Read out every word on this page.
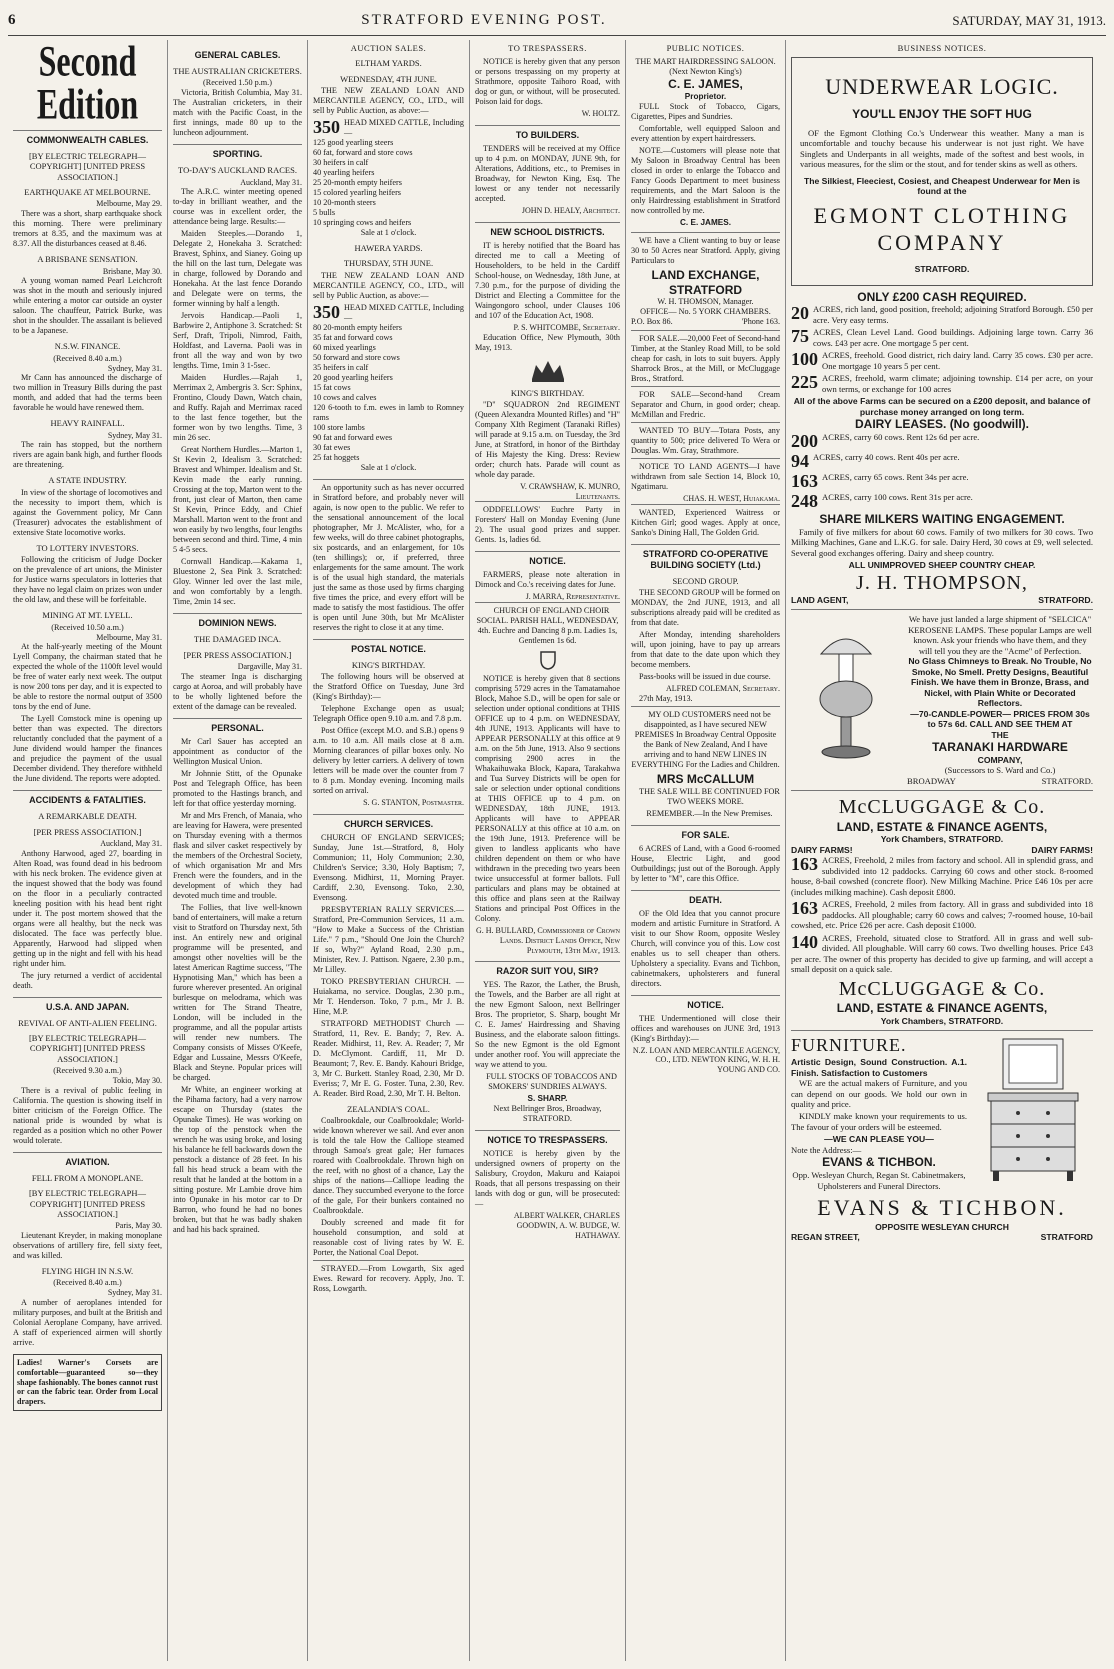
6	STRATFORD EVENING POST.	SATURDAY, MAY 31, 1913.
Second Edition
COMMONWEALTH CABLES.
[BY ELECTRIC TELEGRAPH—COPYRIGHT] [UNITED PRESS ASSOCIATION.]
EARTHQUAKE AT MELBOURNE.
Melbourne, May 29.

There was a short, sharp earthquake shock this morning. There were preliminary tremors at 8.35, and the maximum was at 8.37. All the disturbances ceased at 8.46.

A BRISBANE SENSATION.
Brisbane, May 30.

A young woman named Pearl Leichcroft was shot in the mouth and seriously injured while entering a motor car outside an oyster saloon. The chauffeur, Patrick Burke, was shot in the shoulder. The assailant is believed to be a Japanese.

N.S.W. FINANCE.
(Received 8.40 a.m.)
Sydney, May 31.

Mr Cann has announced the discharge of two million in Treasury Bills during the past month, and added that had the terms been favorable he would have renewed them.

HEAVY RAINFALL.
Sydney, May 31.

The rain has stopped, but the northern rivers are again bank high, and further floods are threatening.

A STATE INDUSTRY.

In view of the shortage of locomotives and the necessity to import them, which is against the Government policy, Mr Cann (Treasurer) advocates the establishment of extensive State locomotive works.

TO LOTTERY INVESTORS.

Following the criticism of Judge Docker on the prevalence of art unions, the Minister for Justice warns speculators in lotteries that they have no legal claim on prizes won under the old law, and these will be forfeitable.

MINING AT MT. LYELL.
(Received 10.50 a.m.)
Melbourne, May 31.

At the half-yearly meeting of the Mount Lyell Company, the chairman stated that he expected the whole of the 1100ft level would be free of water early next week. The output is now 200 tons per day, and it is expected to be able to restore the normal output of 3500 tons by the end of June.

The Lyell Comstock mine is opening up better than was expected. The directors reluctantly concluded that the payment of a June dividend would hamper the finances and prejudice the payment of the usual December dividend. They therefore withheld the June dividend. The reports were adopted.

ACCIDENTS & FATALITIES.
A REMARKABLE DEATH.
[PER PRESS ASSOCIATION.]
Auckland, May 31.

Anthony Harwood, aged 27, boarding in Alten Road, was found dead in his bedroom with his neck broken. The evidence given at the inquest showed that the body was found on the floor in a peculiarly contracted kneeling position with his head bent right under it. The post mortem showed that the organs were all healthy, but the neck was dislocated. The face was perfectly blue. Apparently, Harwood had slipped when getting up in the night and fell with his head right under him.

The jury returned a verdict of accidental death.

U.S.A. AND JAPAN.
REVIVAL OF ANTI-ALIEN FEELING.
[BY ELECTRIC TELEGRAPH—COPYRIGHT] [UNITED PRESS ASSOCIATION.]
(Received 9.30 a.m.)
Tokio, May 30.

There is a revival of public feeling in California. The question is showing itself in bitter criticism of the Foreign Office. The national pride is wounded by what is regarded as a position which no other Power would tolerate.

AVIATION.
FELL FROM A MONOPLANE.
[BY ELECTRIC TELEGRAPH—COPYRIGHT] [UNITED PRESS ASSOCIATION.]
Paris, May 30.

Lieutenant Kreyder, in making monoplane observations of artillery fire, fell sixty feet, and was killed.

FLYING HIGH IN N.S.W.
(Received 8.40 a.m.)
Sydney, May 31.

A number of aeroplanes intended for military purposes, and built at the British and Colonial Aeroplane Company, have arrived. A staff of experienced airmen will shortly arrive.

Ladies! Warner's Corsets are comfortable—guaranteed so—they shape fashionably. The bones cannot rust or can the fabric tear. Order from Local drapers.
GENERAL CABLES.
THE AUSTRALIAN CRICKETERS.
(Received 1.50 p.m.)

Victoria, British Columbia, May 31. The Australian cricketers, in their match with the Pacific Coast, in the first innings, made 80 up to the luncheon adjournment.

SPORTING.
TO-DAY'S AUCKLAND RACES.
Auckland, May 31.

The A.R.C. winter meeting opened to-day in brilliant weather, and the course was in excellent order, the attendance being large. Results:—

Maiden Steeples.—Dorando 1, Delegate 2, Honekaha 3. Scratched: Bravest, Sphinx, and Sianey. Going up the hill on the last turn, Delegate was in charge, followed by Dorando and Honekaha. At the last fence Dorando and Delegate were on terms, the former winning by half a length.

Jervois Handicap.—Paoli 1, Barbwire 2, Antiphone 3. Scratched: St Serf, Draft, Tripoli, Nimrod, Faith, Holdfast, and Laverna. Paoli was in front all the way and won by two lengths. Time, 1min 3 1-5sec.

Maiden Hurdles.—Rajah 1, Merrimax 2, Ambergris 3. Scr: Sphinx, Frontino, Cloudy Dawn, Watch chain, and Ruffy. Rajah and Merrimax raced to the last fence together, but the former won by two lengths. Time, 3 min 26 sec.

Great Northern Hurdles.—Marton 1, St Kevin 2, Idealism 3. Scratched: Bravest and Whimper. Idealism and St. Kevin made the early running. Crossing at the top, Marton went to the front, just clear of Marton, then came St Kevin, Prince Eddy, and Chief Marshall. Marton went to the front and won easily by two lengths, four lengths between second and third. Time, 4 min 5 4-5 secs.

Cornwall Handicap.—Kakama 1, Bluestone 2, Sea Pink 3. Scratched: Gloy. Winner led over the last mile, and won comfortably by a length. Time, 2min 14 sec.

DOMINION NEWS.
THE DAMAGED INCA.
[PER PRESS ASSOCIATION.]
Dargaville, May 31.

The steamer Inga is discharging cargo at Aoroa, and will probably have to be wholly lightened before the extent of the damage can be revealed.

PERSONAL.

Mr Carl Sauer has accepted an appointment as conductor of the Wellington Musical Union.

Mr Johnnie Stitt, of the Opunake Post and Telegraph Office, has been promoted to the Hastings branch, and left for that office yesterday morning.

Mr and Mrs French, of Manaia, who are leaving for Hawera, were presented on Thursday evening with a thermos flask and silver casket respectively by the members of the Orchestral Society, of which organisation Mr and Mrs French were the founders, and in the development of which they had devoted much time and trouble.

The Follies, that live well-known band of entertainers, will make a return visit to Stratford on Thursday next, 5th inst. An entirely new and original programme will be presented, and amongst other novelties will be the latest American Ragtime success, "The Hypnotising Man," which has been a furore wherever presented. An original burlesque on melodrama, which was written for The Strand Theatre, London, will be included in the programme, and all the popular artists will render new numbers. The Company consists of Misses O'Keefe, Edgar and Lussaine, Messrs O'Keefe, Black and Steyne. Popular prices will be charged.

Mr White, an engineer working at the Pihama factory, had a very narrow escape on Thursday (states the Opunake Times). He was working on the top of the penstock when the wrench he was using broke, and losing his balance he fell backwards down the penstock a distance of 28 feet. In his fall his head struck a beam with the result that he landed at the bottom in a sitting posture. Mr Lambie drove him into Opunake in his motor car to Dr Barron, who found he had no bones broken, but that he was badly shaken and had his back sprained.

AUCTION SALES.
ELTHAM YARDS.
WEDNESDAY, 4TH JUNE.

THE NEW ZEALAND LOAN AND MERCANTILE AGENCY, CO., LTD., will sell by Public Auction, as above:—

350 HEAD MIXED CATTLE, Including—
125 good yearling steers
60 fat, forward and store cows
30 heifers in calf
40 yearling heifers
25 20-month empty heifers
15 colored yearling heifers
10 20-month steers
5 bulls
10 springing cows and heifers
Sale at 1 o'clock.
HAWERA YARDS.
THURSDAY, 5TH JUNE.

THE NEW ZEALAND LOAN AND MERCANTILE AGENCY, CO., LTD., will sell by Public Auction, as above:—

350 HEAD MIXED CATTLE, Including—
80 20-month empty heifers
35 fat and forward cows
60 mixed yearlings
50 forward and store cows
35 heifers in calf
20 good yearling heifers
15 fat cows
10 cows and calves
120 6-tooth to f.m. ewes in lamb to Romney rams
100 store lambs
90 fat and forward ewes
30 fat ewes
25 fat hoggets
Sale at 1 o'clock.

An opportunity such as has never occurred in Stratford before, and probably never will again, is now open to the public. We refer to the sensational announcement of the local photographer, Mr J. McAlister, who, for a few weeks, will do three cabinet photographs, six postcards, and an enlargement, for 10s (ten shillings); or, if preferred, three enlargements for the same amount. The work is of the usual high standard, the materials just the same as those used by firms charging five times the price, and every effort will be made to satisfy the most fastidious. The offer is open until June 30th, but Mr McAlister reserves the right to close it at any time.

POSTAL NOTICE.
KING'S BIRTHDAY.

The following hours will be observed at the Stratford Office on Tuesday, June 3rd (King's Birthday):—

Telephone Exchange open as usual; Telegraph Office open 9.10 a.m. and 7.8 p.m.

Post Office (except M.O. and S.B.) opens 9 a.m. to 10 a.m. All mails close at 8 a.m. Morning clearances of pillar boxes only. No delivery by letter carriers. A delivery of town letters will be made over the counter from 7 to 8 p.m. Monday evening. Incoming mails sorted on arrival.

S. G. STANTON, Postmaster.
CHURCH SERVICES.

CHURCH OF ENGLAND SERVICES; Sunday, June 1st.—Stratford, 8, Holy Communion; 11, Holy Communion; 2.30, Children's Service; 3.30, Holy Baptism; 7, Evensong. Midhirst, 11, Morning Prayer. Cardiff, 2.30, Evensong. Toko, 2.30, Evensong.

PRESBYTERIAN RALLY SERVICES.—Stratford, Pre-Communion Services, 11 a.m. "How to Make a Success of the Christian Life." 7 p.m., "Should One Join the Church? If so, Why?" Ayland Road, 2.30 p.m., Minister, Rev. J. Pattison. Ngaere, 2.30 p.m., Mr Lilley.

TOKO PRESBYTERIAN CHURCH. —Huiakama, no service. Douglas, 2.30 p.m., Mr T. Henderson. Toko, 7 p.m., Mr J. B. Hine, M.P.

STRATFORD METHODIST Church —Stratford, 11, Rev. E. Bandy; 7, Rev. A. Reader. Midhirst, 11, Rev. A. Reader; 7, Mr D. McClymont. Cardiff, 11, Mr D. Beaumont; 7, Rev. E. Bandy. Kahouri Bridge, 3, Mr C. Burkett. Stanley Road, 2.30, Mr D. Everiss; 7, Mr E. G. Foster. Tuna, 2.30, Rev. A. Reader. Bird Road, 2.30, Mr T. H. Belton.

ZEALANDIA'S COAL.

Coalbrookdale, our Coalbrookdale; World-wide known wherever we sail. And ever anon is told the tale How the Calliope steamed through Samoa's great gale; Her furnaces roared with Coalbrookdale. Thrown high on the reef, with no ghost of a chance, Lay the ships of the nations—Calliope leading the dance. They succumbed everyone to the force of the gale, For their bunkers contained no Coalbrookdale.

Doubly screened and made fit for household consumption, and sold at reasonable cost of living rates by W. E. Porter, the National Coal Depot.

STRAYED.—From Lowgarth, Six aged Ewes. Reward for recovery. Apply, Jno. T. Ross, Lowgarth.

TO TRESPASSERS.

NOTICE is hereby given that any person or persons trespassing on my property at Strathmore, opposite Taihoro Road, with dog or gun, or without, will be prosecuted. Poison laid for dogs.

W. HOLTZ.
TO BUILDERS.

TENDERS will be received at my Office up to 4 p.m. on MONDAY, JUNE 9th, for Alterations, Additions, etc., to Premises in Broadway, for Newton King, Esq. The lowest or any tender not necessarily accepted.

JOHN D. HEALY, Architect.
NEW SCHOOL DISTRICTS.

IT is hereby notified that the Board has directed me to call a Meeting of Householders, to be held in the Cardiff School-house, on Wednesday, 18th June, at 7.30 p.m., for the purpose of dividing the District and Electing a Committee for the Waingongoro school, under Clauses 106 and 107 of the Education Act, 1908.

P. S. WHITCOMBE, Secretary.
Education Office, New Plymouth, 30th May, 1913.
KING'S BIRTHDAY.

"D" SQUADRON 2nd REGIMENT (Queen Alexandra Mounted Rifles) and "H" Company XIth Regiment (Taranaki Rifles) will parade at 9.15 a.m. on Tuesday, the 3rd June, at Stratford, in honor of the Birthday of His Majesty the King. Dress: Review order; church hats. Parade will count as whole day parade.

V. CRAWSHAW, K. MUNRO, Lieutenants.

ODDFELLOWS' Euchre Party in Foresters' Hall on Monday Evening (June 2). The usual good prizes and supper. Gents. 1s, ladies 6d.

NOTICE.

FARMERS, please note alteration in Dimock and Co.'s receiving dates for June.

J. MARRA, Representative.

CHURCH OF ENGLAND CHOIR SOCIAL. PARISH HALL, WEDNESDAY, 4th. Euchre and Dancing 8 p.m. Ladies 1s, Gentlemen 1s 6d.

NOTICE is hereby given that 8 sections comprising 5729 acres in the Tamatamahoe Block, Mahoe S.D., will be open for sale or selection under optional conditions at THIS OFFICE up to 4 p.m. on WEDNESDAY, 4th JUNE, 1913. Applicants will have to APPEAR PERSONALLY at this office at 9 a.m. on the 5th June, 1913. Also 9 sections comprising 2900 acres in the Whakaihuwaka Block, Kapara, Tarakahwa and Tua Survey Districts will be open for sale or selection under optional conditions at THIS OFFICE up to 4 p.m. on WEDNESDAY, 18th JUNE, 1913. Applicants will have to APPEAR PERSONALLY at this office at 10 a.m. on the 19th June, 1913. Preference will be given to landless applicants who have children dependent on them or who have withdrawn in the preceding two years been twice unsuccessful at former ballots. Full particulars and plans may be obtained at this office and plans seen at the Railway Stations and principal Post Offices in the Colony.

G. H. BULLARD, Commissioner of Crown Lands. District Lands Office, New Plymouth, 13th May, 1913.
RAZOR SUIT YOU, SIR?

YES. The Razor, the Lather, the Brush, the Towels, and the Barber are all right at the new Egmont Saloon, next Bellringer Bros. The proprietor, S. Sharp, bought Mr C. E. James' Hairdressing and Shaving Business, and the elaborate saloon fittings. So the new Egmont is the old Egmont under another roof. You will appreciate the way we attend to you.

FULL STOCKS OF TOBACCOS AND SMOKERS' SUNDRIES ALWAYS.

S. SHARP.
Next Bellringer Bros, Broadway, STRATFORD.
NOTICE TO TRESPASSERS.

NOTICE is hereby given by the undersigned owners of property on the Salisbury, Croydon, Makuru and Kaiapoi Roads, that all persons trespassing on their lands with dog or gun, will be prosecuted:—

ALBERT WALKER, CHARLES GOODWIN, A. W. BUDGE, W. HATHAWAY.
PUBLIC NOTICES.
THE MART HAIRDRESSING SALOON. (Next Newton King's)
C. E. JAMES,
Proprietor.

FULL Stock of Tobacco, Cigars, Cigarettes, Pipes and Sundries.

Comfortable, well equipped Saloon and every attention by expert hairdressers.

NOTE.—Customers will please note that My Saloon in Broadway Central has been closed in order to enlarge the Tobacco and Fancy Goods Department to meet business requirements, and the Mart Saloon is the only Hairdressing establishment in Stratford now controlled by me.

C. E. JAMES.

WE have a Client wanting to buy or lease 30 to 50 Acres near Stratford. Apply, giving Particulars to

LAND EXCHANGE, STRATFORD
W. H. THOMSON, Manager.
OFFICE— No. 5 YORK CHAMBERS.
P.O. Box 86.	'Phone 163.

FOR SALE.—20,000 Feet of Second-hand Timber, at the Stanley Road Mill, to be sold cheap for cash, in lots to suit buyers. Apply Sharrock Bros., at the Mill, or McCluggage Bros., Stratford.

FOR SALE—Second-hand Cream Separator and Churn, in good order; cheap. McMillan and Fredric.

WANTED TO BUY—Totara Posts, any quantity to 500; price delivered To Wera or Douglas. Wm. Gray, Strathmore.

NOTICE TO LAND AGENTS—I have withdrawn from sale Section 14, Block 10, Ngatimaru.

CHAS. H. WEST, Huiakama.

WANTED, Experienced Waitress or Kitchen Girl; good wages. Apply at once, Sanko's Dining Hall, The Golden Grid.

STRATFORD CO-OPERATIVE BUILDING SOCIETY (Ltd.)
SECOND GROUP.

THE SECOND GROUP will be formed on MONDAY, the 2nd JUNE, 1913, and all subscriptions already paid will be credited as from that date.

After Monday, intending shareholders will, upon joining, have to pay up arrears from that date to the date upon which they become members.

Pass-books will be issued in due course.

ALFRED COLEMAN, Secretary.
27th May, 1913.

MY OLD CUSTOMERS need not be disappointed, as I have secured NEW PREMISES In Broadway Central Opposite the Bank of New Zealand, And I have arriving and to hand NEW LINES IN EVERYTHING For the Ladies and Children.

MRS McCALLUM

THE SALE WILL BE CONTINUED FOR TWO WEEKS MORE.

REMEMBER.—In the New Premises.

FOR SALE.

6 ACRES of Land, with a Good 6-roomed House, Electric Light, and good Outbuildings; just out of the Borough. Apply by letter to "M", care this Office.

DEATH.

OF the Old Idea that you cannot procure modern and artistic Furniture in Stratford. A visit to our Show Room, opposite Wesley Church, will convince you of this. Low cost enables us to sell cheaper than others. Upholstery a speciality. Evans and Tichbon, cabinetmakers, upholsterers and funeral directors.

NOTICE.

THE Undermentioned will close their offices and warehouses on JUNE 3rd, 1913 (King's Birthday):—

N.Z. LOAN AND MERCANTILE AGENCY, CO., LTD. NEWTON KING, W. H. H. YOUNG AND CO.
BUSINESS NOTICES.
UNDERWEAR LOGIC.
YOU'LL ENJOY THE SOFT HUG

OF the Egmont Clothing Co.'s Underwear this weather. Many a man is uncomfortable and touchy because his underwear is not just right. We have Singlets and Underpants in all weights, made of the softest and best wools, in various measures, for the slim or the stout, and for tender skins as well as others.

The Silkiest, Fleeciest, Cosiest, and Cheapest Underwear for Men is found at the

EGMONT CLOTHING
COMPANY
STRATFORD.
ONLY £200 CASH REQUIRED.
20 ACRES, rich land, good position, freehold; adjoining Stratford Borough. £50 per acre. Very easy terms.
75 ACRES, Clean Level Land. Good buildings. Adjoining large town. Carry 36 cows. £43 per acre. One mortgage 5 per cent.
100 ACRES, freehold. Good district, rich dairy land. Carry 35 cows. £30 per acre. One mortgage 10 years 5 per cent.
225 ACRES, freehold, warm climate; adjoining township. £14 per acre, on your own terms, or exchange for 100 acres
All of the above Farms can be secured on a £200 deposit, and balance of purchase money arranged on long term.
DAIRY LEASES. (No goodwill).
200 ACRES, carry 60 cows. Rent 12s 6d per acre.
94 ACRES, carry 40 cows. Rent 40s per acre.
163 ACRES, carry 65 cows. Rent 34s per acre.
248 ACRES, carry 100 cows. Rent 31s per acre.
SHARE MILKERS WAITING ENGAGEMENT.

Family of five milkers for about 60 cows. Family of two milkers for 30 cows. Two Milking Machines, Gane and L.K.G. for sale. Dairy Herd, 30 cows at £9, well selected. Several good exchanges offering. Dairy and sheep country.

ALL UNIMPROVED SHEEP COUNTRY CHEAP.
J. H. THOMPSON,
LAND AGENT,	STRATFORD.

We have just landed a large shipment of "SELCICA" KEROSENE LAMPS. These popular Lamps are well known. Ask your friends who have them, and they will tell you they are the "Acme" of Perfection.

No Glass Chimneys to Break. No Trouble, No Smoke, No Smell. Pretty Designs, Beautiful Finish. We have them in Bronze, Brass, and Nickel, with Plain White or Decorated Reflectors.

—70-CANDLE-POWER— PRICES FROM 30s to 57s 6d. CALL AND SEE THEM AT

THE
TARANAKI HARDWARE
COMPANY,
(Successors to S. Ward and Co.)
BROADWAY	STRATFORD.
McCLUGGAGE & Co.
LAND, ESTATE & FINANCE AGENTS,
York Chambers, STRATFORD.
DAIRY FARMS!	DAIRY FARMS!
163 ACRES, Freehold, 2 miles from factory and school. All in splendid grass, and subdivided into 12 paddocks. Carrying 60 cows and other stock. 8-roomed house, 8-bail cowshed (concrete floor). New Milking Machine. Price £46 10s per acre (includes milking machine). Cash deposit £800.
163 ACRES, Freehold, 2 miles from factory. All in grass and subdivided into 18 paddocks. All ploughable; carry 60 cows and calves; 7-roomed house, 10-bail cowshed, etc. Price £26 per acre. Cash deposit £1000.
140 ACRES, Freehold, situated close to Stratford. All in grass and well sub-divided. All ploughable. Will carry 60 cows. Two dwelling houses. Price £43 per acre. The owner of this property has decided to give up farming, and will accept a small deposit on a quick sale.
McCLUGGAGE & Co.
LAND, ESTATE & FINANCE AGENTS,
York Chambers, STRATFORD.
FURNITURE.
Artistic Design, Sound Construction. A.1. Finish. Satisfaction to Customers

WE are the actual makers of Furniture, and you can depend on our goods. We hold our own in quality and price.

KINDLY make known your requirements to us. The favour of your orders will be esteemed.

—WE CAN PLEASE YOU—
Note the Address:—
EVANS & TICHBON.
Opp. Wesleyan Church, Regan St. Cabinetmakers, Upholsterers and Funeral Directors.
EVANS & TICHBON.
OPPOSITE WESLEYAN CHURCH
REGAN STREET,	STRATFORD
